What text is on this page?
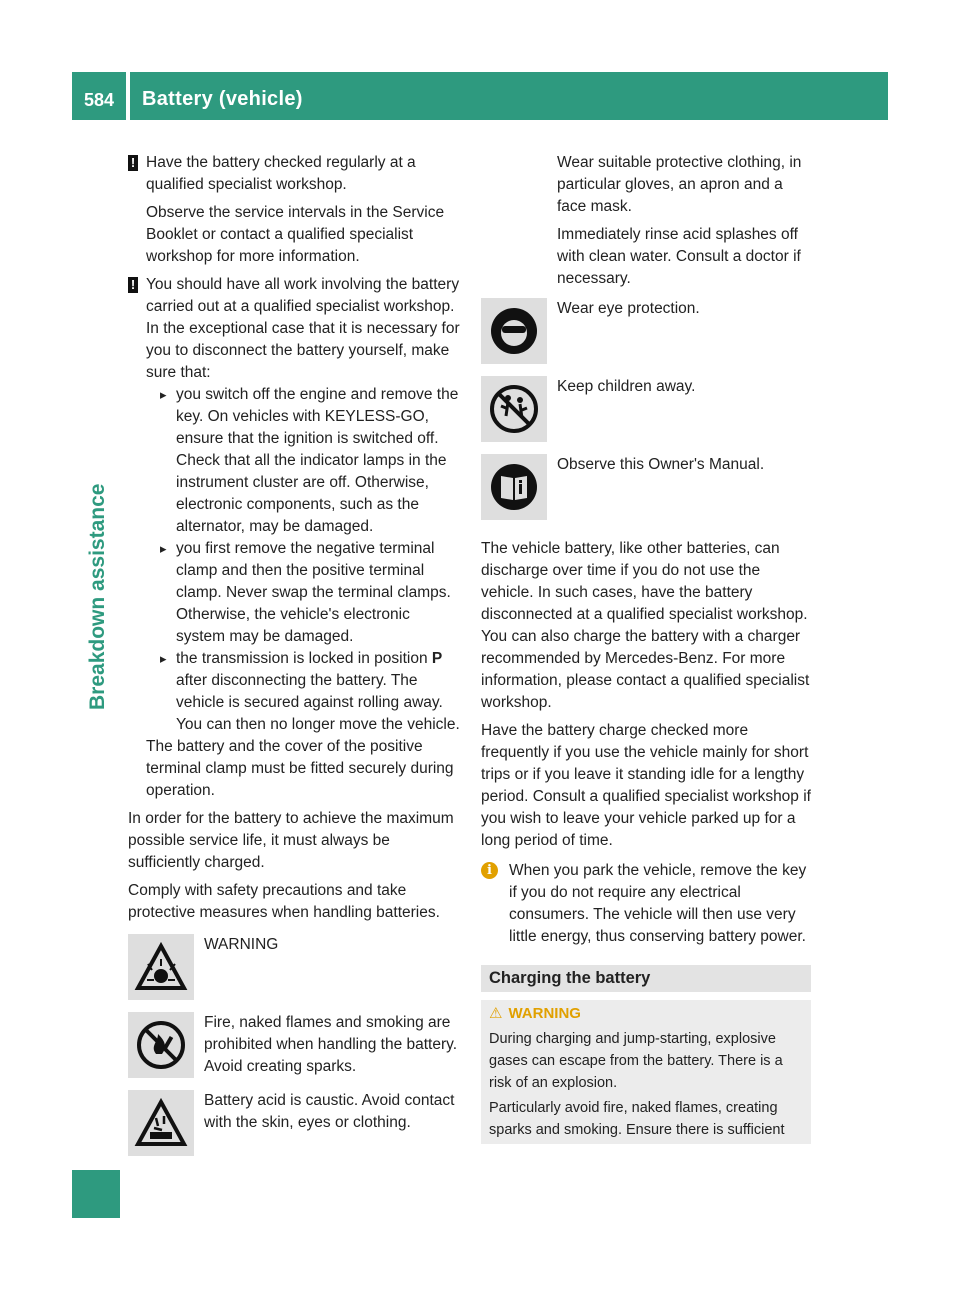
584 Battery (vehicle)
Breakdown assistance
! Have the battery checked regularly at a qualified specialist workshop.

Observe the service intervals in the Service Booklet or contact a qualified specialist workshop for more information.

! You should have all work involving the battery carried out at a qualified specialist workshop. In the exceptional case that it is necessary for you to disconnect the battery yourself, make sure that:

▸ you switch off the engine and remove the key. On vehicles with KEYLESS-GO, ensure that the ignition is switched off. Check that all the indicator lamps in the instrument cluster are off. Otherwise, electronic components, such as the alternator, may be damaged.
▸ you first remove the negative terminal clamp and then the positive terminal clamp. Never swap the terminal clamps. Otherwise, the vehicle's electronic system may be damaged.
▸ the transmission is locked in position P after disconnecting the battery. The vehicle is secured against rolling away. You can then no longer move the vehicle.

The battery and the cover of the positive terminal clamp must be fitted securely during operation.

In order for the battery to achieve the maximum possible service life, it must always be sufficiently charged.

Comply with safety precautions and take protective measures when handling batteries.

WARNING
Fire, naked flames and smoking are prohibited when handling the battery. Avoid creating sparks.
Battery acid is caustic. Avoid contact with the skin, eyes or clothing.

Wear suitable protective clothing, in particular gloves, an apron and a face mask.

Immediately rinse acid splashes off with clean water. Consult a doctor if necessary.

Wear eye protection.
Keep children away.
Observe this Owner's Manual.

The vehicle battery, like other batteries, can discharge over time if you do not use the vehicle. In such cases, have the battery disconnected at a qualified specialist workshop. You can also charge the battery with a charger recommended by Mercedes-Benz. For more information, please contact a qualified specialist workshop.

Have the battery charge checked more frequently if you use the vehicle mainly for short trips or if you leave it standing idle for a lengthy period. Consult a qualified specialist workshop if you wish to leave your vehicle parked up for a long period of time.

i	When you park the vehicle, remove the key if you do not require any electrical consumers. The vehicle will then use very little energy, thus conserving battery power.

Charging the battery
⚠ WARNING

During charging and jump-starting, explosive gases can escape from the battery. There is a risk of an explosion.

Particularly avoid fire, naked flames, creating sparks and smoking. Ensure there is sufficient
